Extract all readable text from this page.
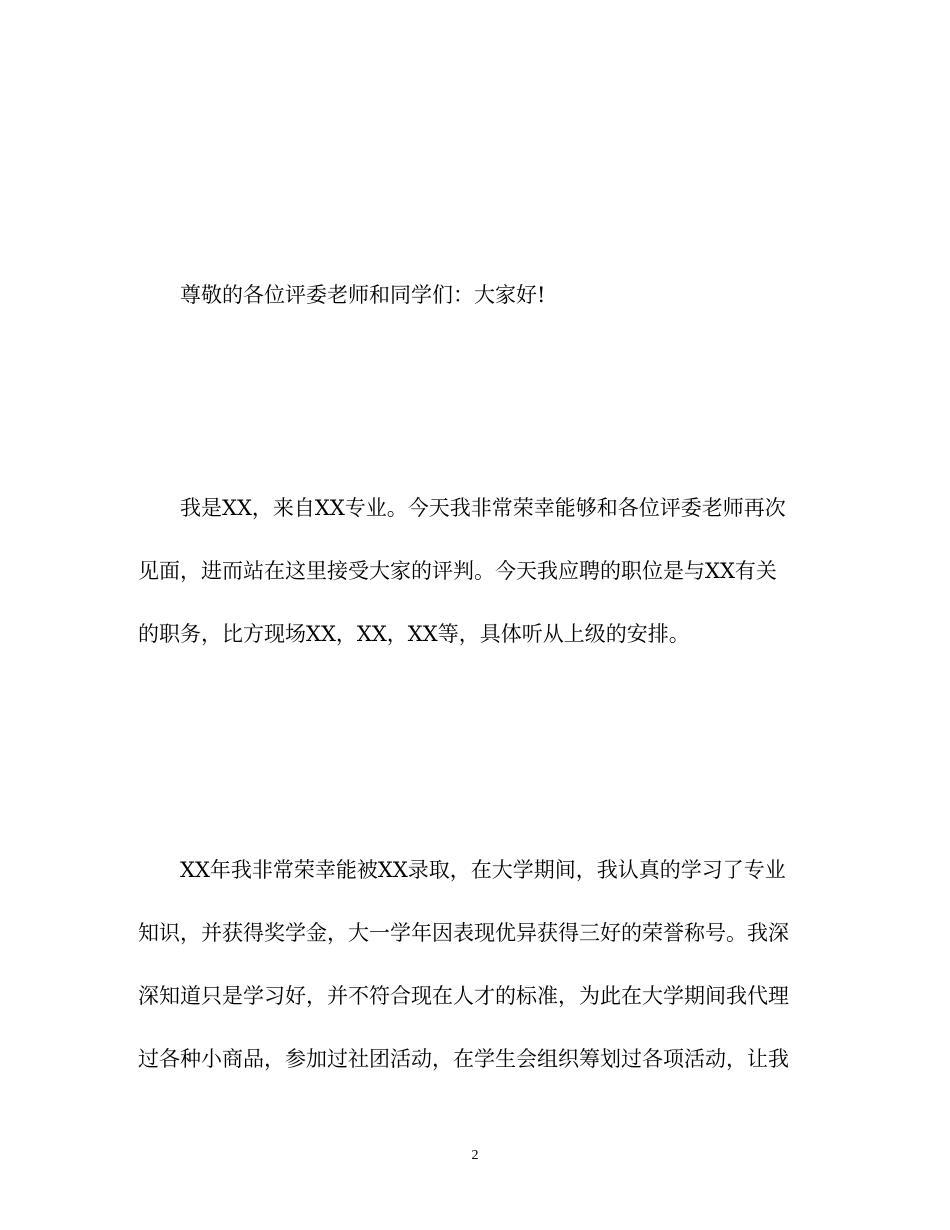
尊敬的各位评委老师和同学们：大家好!

我是XX，来自XX专业。今天我非常荣幸能够和各位评委老师再次
见面，进而站在这里接受大家的评判。今天我应聘的职位是与XX有关
的职务，比方现场XX，XX，XX等，具体听从上级的安排。

XX年我非常荣幸能被XX录取，在大学期间，我认真的学习了专业
知识，并获得奖学金，大一学年因表现优异获得三好的荣誉称号。我深
深知道只是学习好，并不符合现在人才的标准，为此在大学期间我代理
过各种小商品，参加过社团活动，在学生会组织筹划过各项活动，让我

2
